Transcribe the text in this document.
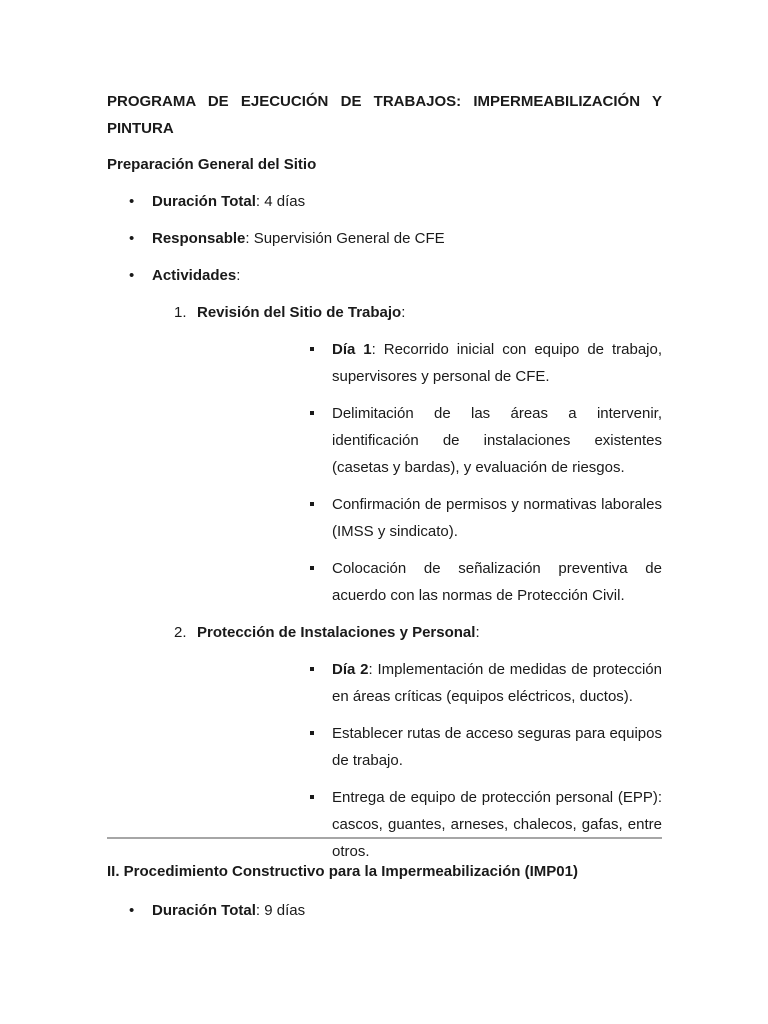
PROGRAMA DE EJECUCIÓN DE TRABAJOS: IMPERMEABILIZACIÓN Y PINTURA

Preparación General del Sitio

• Duración Total: 4 días
• Responsable: Supervisión General de CFE
• Actividades:
1. Revisión del Sitio de Trabajo:
Día 1: Recorrido inicial con equipo de trabajo, supervisores y personal de CFE.
Delimitación de las áreas a intervenir, identificación de instalaciones existentes (casetas y bardas), y evaluación de riesgos.
Confirmación de permisos y normativas laborales (IMSS y sindicato).
Colocación de señalización preventiva de acuerdo con las normas de Protección Civil.
2. Protección de Instalaciones y Personal:
Día 2: Implementación de medidas de protección en áreas críticas (equipos eléctricos, ductos).
Establecer rutas de acceso seguras para equipos de trabajo.
Entrega de equipo de protección personal (EPP): cascos, guantes, arneses, chalecos, gafas, entre otros.

II. Procedimiento Constructivo para la Impermeabilización (IMP01)

• Duración Total: 9 días
